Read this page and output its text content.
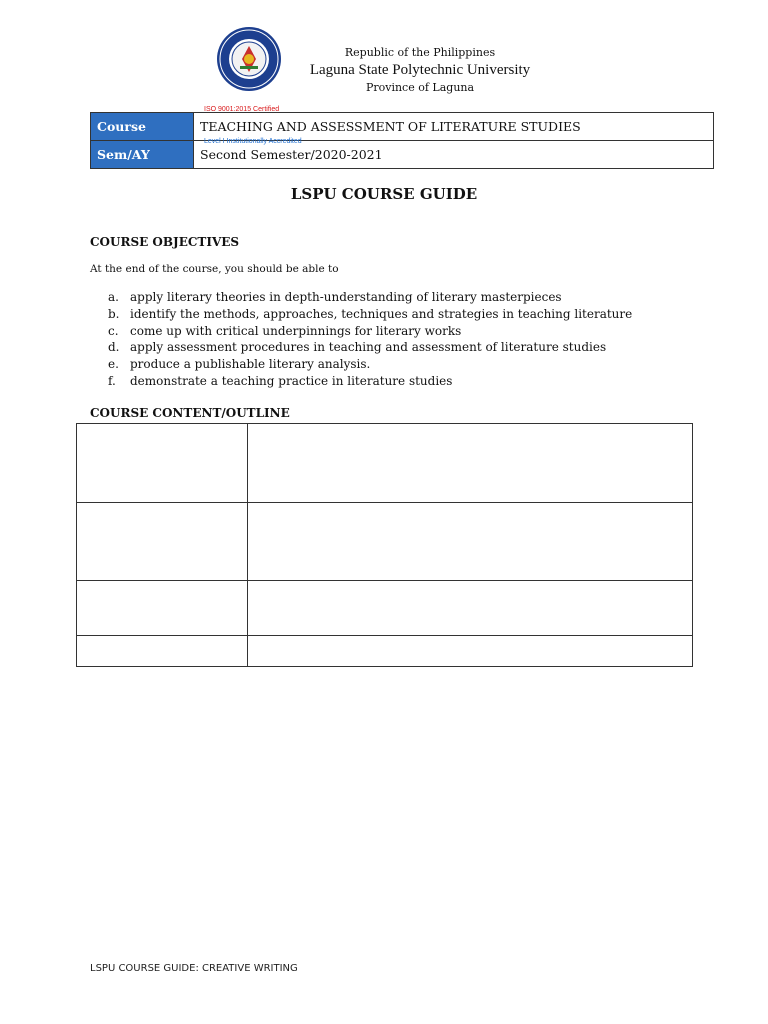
Republic of the Philippines
Laguna State Polytechnic University
Province of Laguna
Course	TEACHING AND ASSESSMENT OF LITERATURE STUDIES
Sem/AY	Second Semester/2020-2021
ISO 9001:2015 Certified
Level I Institutionally Accredited
LSPU COURSE GUIDE
COURSE OBJECTIVES
At the end of the course, you should be able to
a. apply literary theories in depth-understanding of literary masterpieces
b. identify the methods, approaches, techniques and strategies in teaching literature
c. come up with critical underpinnings for literary works
d. apply assessment procedures in teaching and assessment of literature studies
e. produce a publishable literary analysis.
f. demonstrate a teaching practice in literature studies
COURSE CONTENT/OUTLINE

LSPU COURSE GUIDE: CREATIVE WRITING
